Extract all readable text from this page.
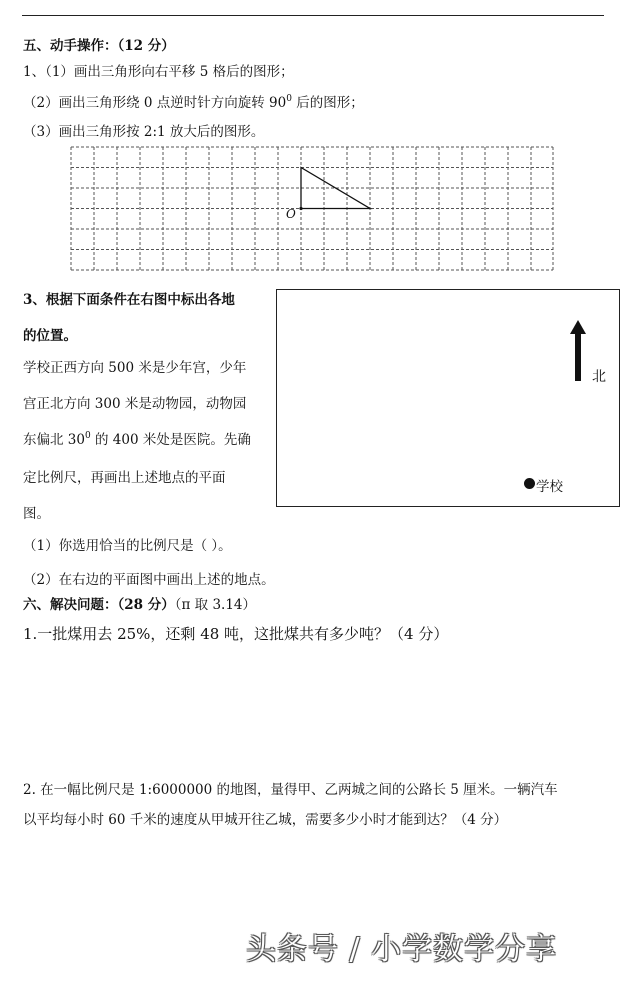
五、动手操作：（12 分）
1、（1）画出三角形向右平移 5 格后的图形；
（2）画出三角形绕 0 点逆时针方向旋转 $90^0$ 后的图形；
（3）画出三角形按 2:1 放大后的图形。
O
3、根据下面条件在右图中标出各地
的位置。
学校正西方向 500 米是少年宫，少年
宫正北方向 300 米是动物园，动物园
东偏北 $30^0$ 的 400 米处是医院。先确
定比例尺，再画出上述地点的平面
图。
北
学校
（1）你选用恰当的比例尺是（ ）。
（2）在右边的平面图中画出上述的地点。
六、解决问题：（28 分）（π 取 3.14）
1.一批煤用去 25%，还剩 48 吨，这批煤共有多少吨？（4 分）
2. 在一幅比例尺是 1:6000000 的地图，量得甲、乙两城之间的公路长 5 厘米。一辆汽车
以平均每小时 60 千米的速度从甲城开往乙城，需要多少小时才能到达？（4 分）
头条号 / 小学数学分享
